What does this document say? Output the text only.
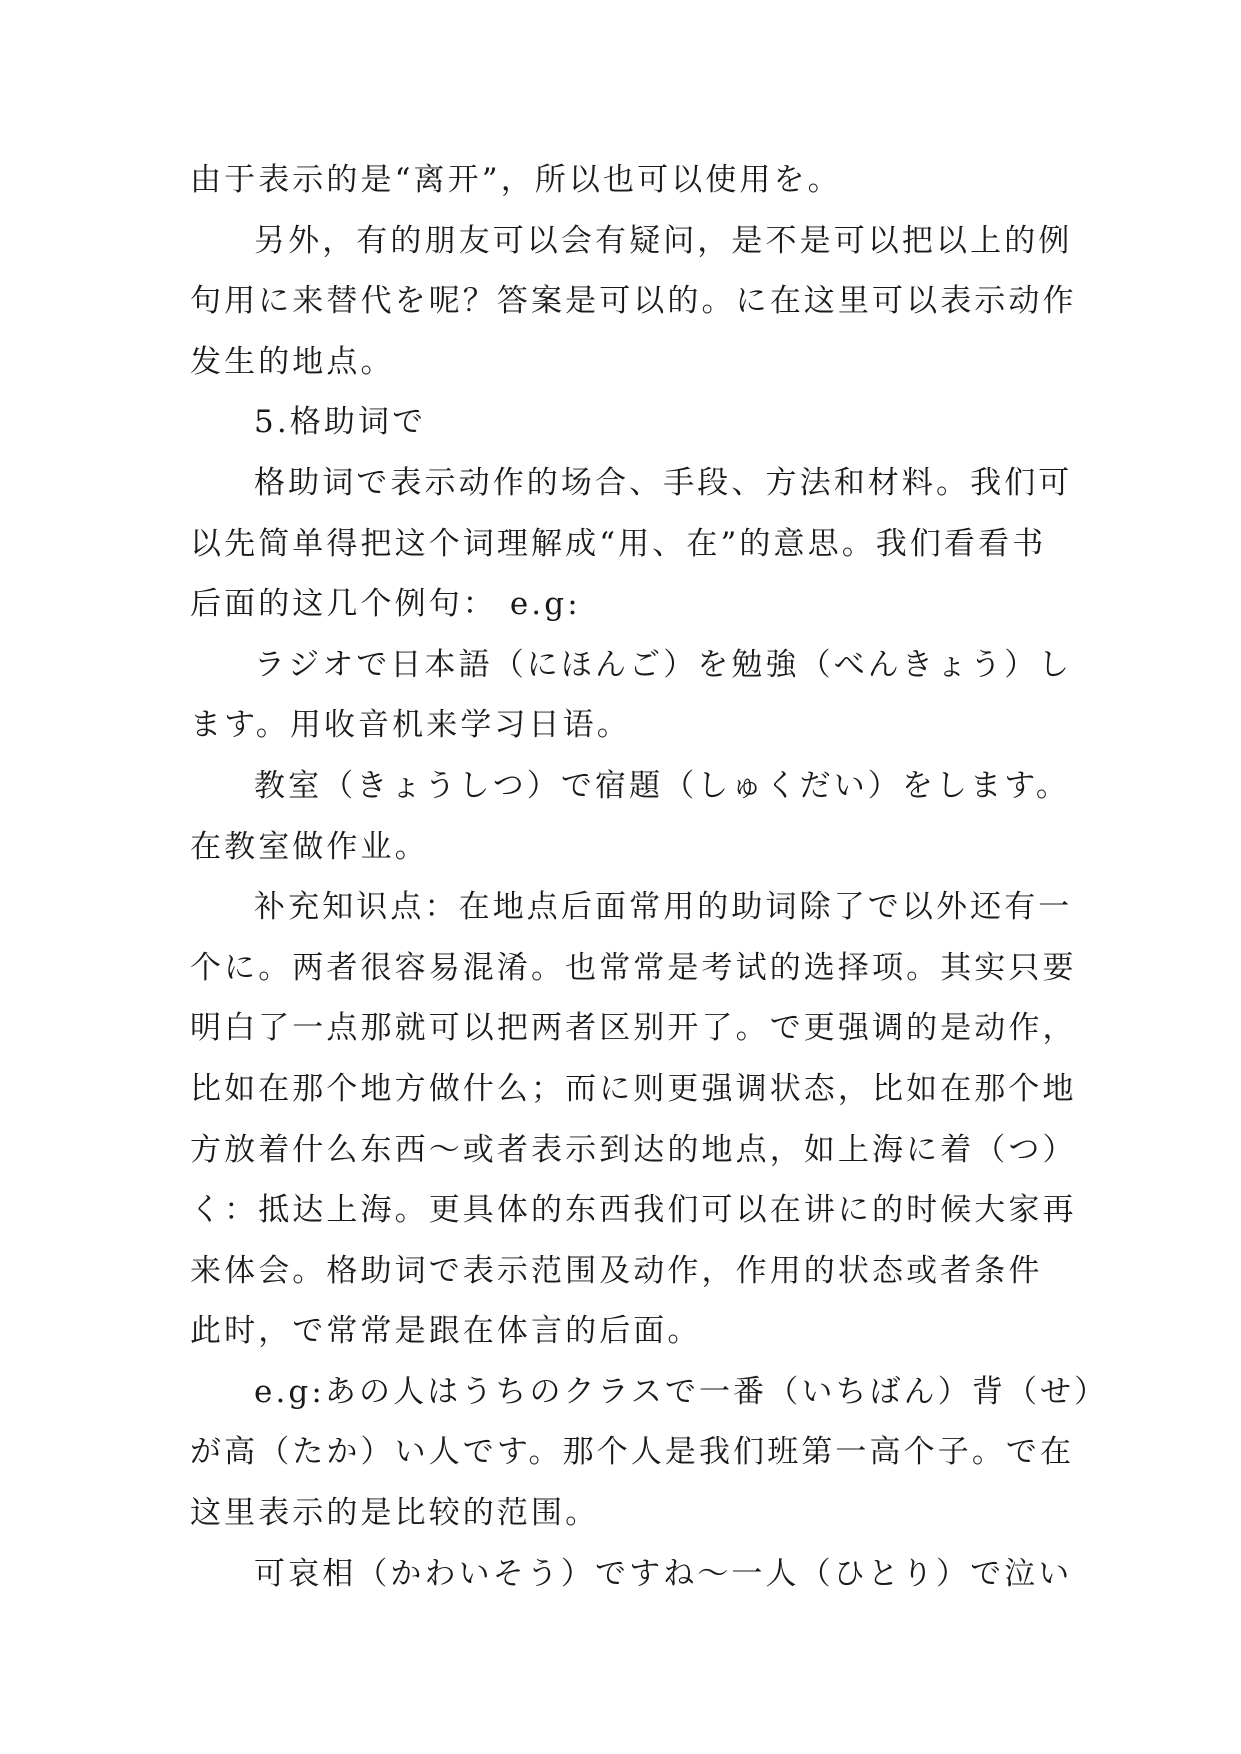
由于表示的是“离开”，所以也可以使用を。
另外，有的朋友可以会有疑问，是不是可以把以上的例
句用に来替代を呢？答案是可以的。に在这里可以表示动作
发生的地点。
5.格助词で
格助词で表示动作的场合、手段、方法和材料。我们可
以先简单得把这个词理解成“用、在”的意思。我们看看书
后面的这几个例句： e.g:
ラジオで日本語（にほんご）を勉強（べんきょう）し
ます。用收音机来学习日语。
教室（きょうしつ）で宿題（しゅくだい）をします。
在教室做作业。
补充知识点：在地点后面常用的助词除了で以外还有一
个に。两者很容易混淆。也常常是考试的选择项。其实只要
明白了一点那就可以把两者区别开了。で更强调的是动作，
比如在那个地方做什么；而に则更强调状态，比如在那个地
方放着什么东西～或者表示到达的地点，如上海に着（つ）
く：抵达上海。更具体的东西我们可以在讲に的时候大家再
来体会。格助词で表示范围及动作，作用的状态或者条件
此时，で常常是跟在体言的后面。
e.g:あの人はうちのクラスで一番（いちばん）背（せ）
が高（たか）い人です。那个人是我们班第一高个子。で在
这里表示的是比较的范围。
可哀相（かわいそう）ですね～一人（ひとり）で泣い
